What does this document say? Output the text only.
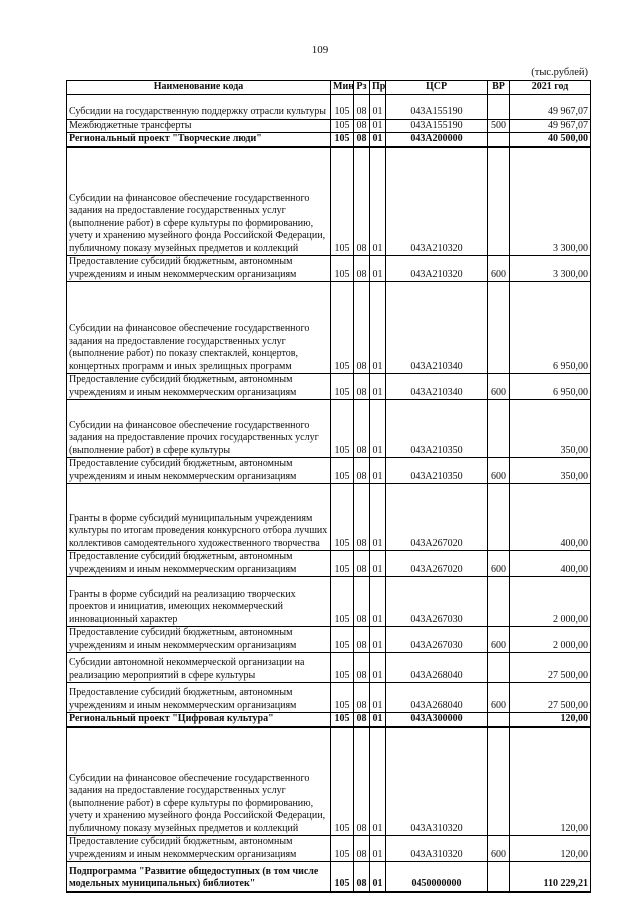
109
(тыс.рублей)
Наименование кода	Мин	Рз	Пр	ЦСР	ВР	2021 год
Субсидии на государственную поддержку отрасли культуры	105	08	01	043A155190		49 967,07
Межбюджетные трансферты	105	08	01	043A155190	500	49 967,07
Региональный проект "Творческие люди"	105	08	01	043A200000		40 500,00
Субсидии на финансовое обеспечение государственного задания на предоставление государственных услуг (выполнение работ) в сфере культуры по формированию, учету и хранению музейного фонда Российской Федерации, публичному показу музейных предметов и коллекций	105	08	01	043A210320		3 300,00
Предоставление субсидий бюджетным, автономным учреждениям и иным некоммерческим организациям	105	08	01	043A210320	600	3 300,00
Субсидии на финансовое обеспечение государственного задания на предоставление государственных услуг (выполнение работ) по показу спектаклей, концертов, концертных программ и иных зрелищных программ	105	08	01	043A210340		6 950,00
Предоставление субсидий бюджетным, автономным учреждениям и иным некоммерческим организациям	105	08	01	043A210340	600	6 950,00
Субсидии на финансовое обеспечение государственного задания на предоставление прочих государственных услуг (выполнение работ) в сфере культуры	105	08	01	043A210350		350,00
Предоставление субсидий бюджетным, автономным учреждениям и иным некоммерческим организациям	105	08	01	043A210350	600	350,00
Гранты в форме субсидий муниципальным учреждениям культуры по итогам проведения конкурсного отбора лучших коллективов самодеятельного художественного творчества	105	08	01	043A267020		400,00
Предоставление субсидий бюджетным, автономным учреждениям и иным некоммерческим организациям	105	08	01	043A267020	600	400,00
Гранты в форме субсидий на реализацию творческих проектов и инициатив, имеющих некоммерческий инновационный характер	105	08	01	043A267030		2 000,00
Предоставление субсидий бюджетным, автономным учреждениям и иным некоммерческим организациям	105	08	01	043A267030	600	2 000,00
Субсидии автономной некоммерческой организации на реализацию мероприятий в сфере культуры	105	08	01	043A268040		27 500,00
Предоставление субсидий бюджетным, автономным учреждениям и иным некоммерческим организациям	105	08	01	043A268040	600	27 500,00
Региональный проект "Цифровая культура"	105	08	01	043A300000		120,00
Субсидии на финансовое обеспечение государственного задания на предоставление государственных услуг (выполнение работ) в сфере культуры по формированию, учету и хранению музейного фонда Российской Федерации, публичному показу музейных предметов и коллекций	105	08	01	043A310320		120,00
Предоставление субсидий бюджетным, автономным учреждениям и иным некоммерческим организациям	105	08	01	043A310320	600	120,00
Подпрограмма "Развитие общедоступных (в том числе модельных муниципальных) библиотек"	105	08	01	0450000000		110 229,21
